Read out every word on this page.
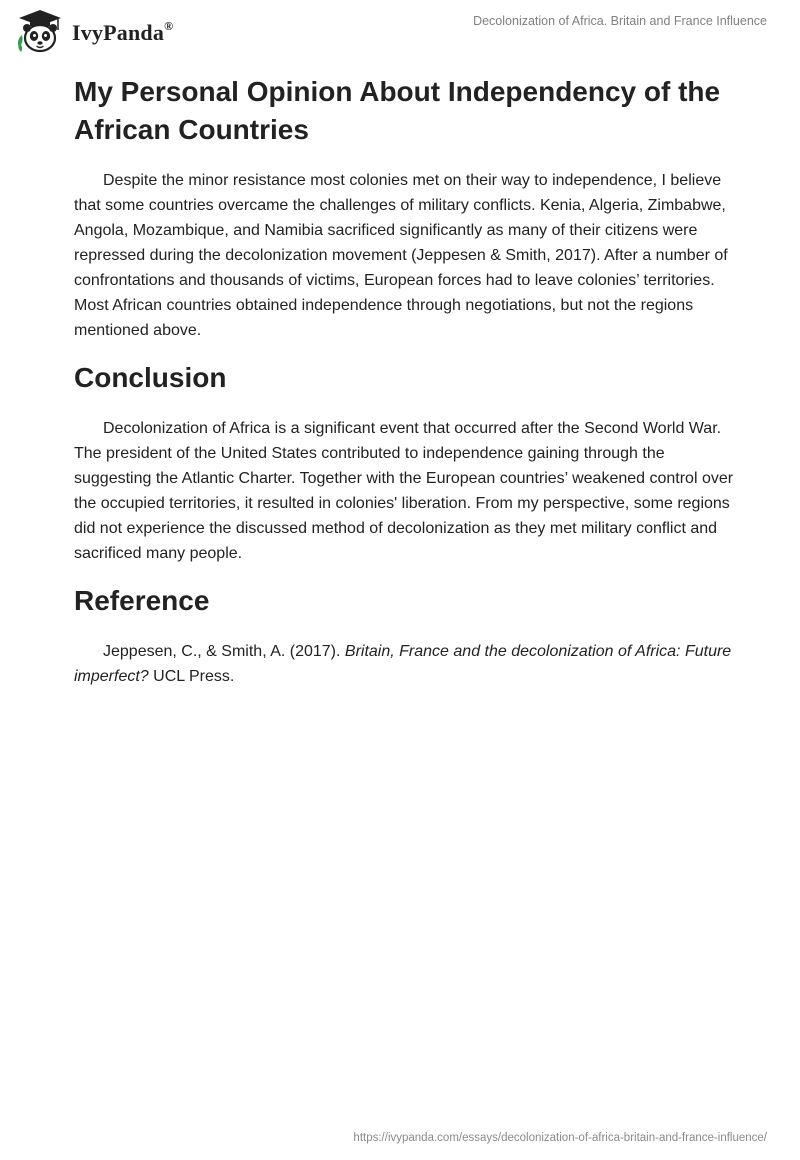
IvyPanda®	Decolonization of Africa. Britain and France Influence
My Personal Opinion About Independency of the African Countries

Despite the minor resistance most colonies met on their way to independence, I believe that some countries overcame the challenges of military conflicts. Kenia, Algeria, Zimbabwe, Angola, Mozambique, and Namibia sacrificed significantly as many of their citizens were repressed during the decolonization movement (Jeppesen & Smith, 2017). After a number of confrontations and thousands of victims, European forces had to leave colonies’ territories. Most African countries obtained independence through negotiations, but not the regions mentioned above.

Conclusion

Decolonization of Africa is a significant event that occurred after the Second World War. The president of the United States contributed to independence gaining through the suggesting the Atlantic Charter. Together with the European countries’ weakened control over the occupied territories, it resulted in colonies' liberation. From my perspective, some regions did not experience the discussed method of decolonization as they met military conflict and sacrificed many people.

Reference

Jeppesen, C., & Smith, A. (2017). Britain, France and the decolonization of Africa: Future imperfect? UCL Press.

https://ivypanda.com/essays/decolonization-of-africa-britain-and-france-influence/
